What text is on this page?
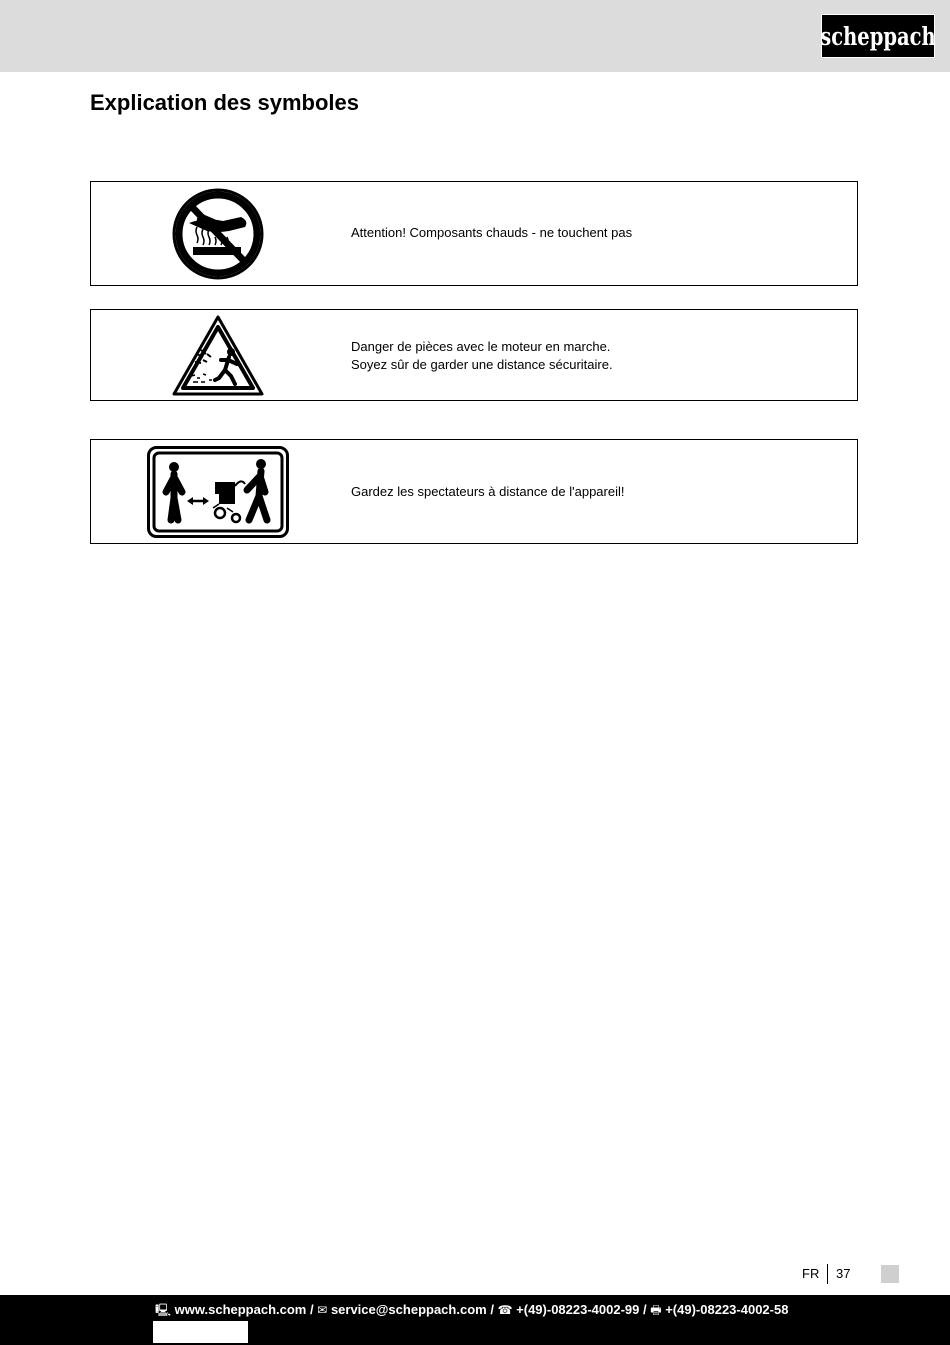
scheppach
Explication des symboles
Attention! Composants chauds - ne touchent pas
Danger de pièces avec le moteur en marche.
Soyez sûr de garder une distance sécuritaire.
Gardez les spectateurs à distance de l'appareil!
FR 37
🖳 www.scheppach.com / ✉ service@scheppach.com / ☎ +(49)-08223-4002-99 / 🖶 +(49)-08223-4002-58
